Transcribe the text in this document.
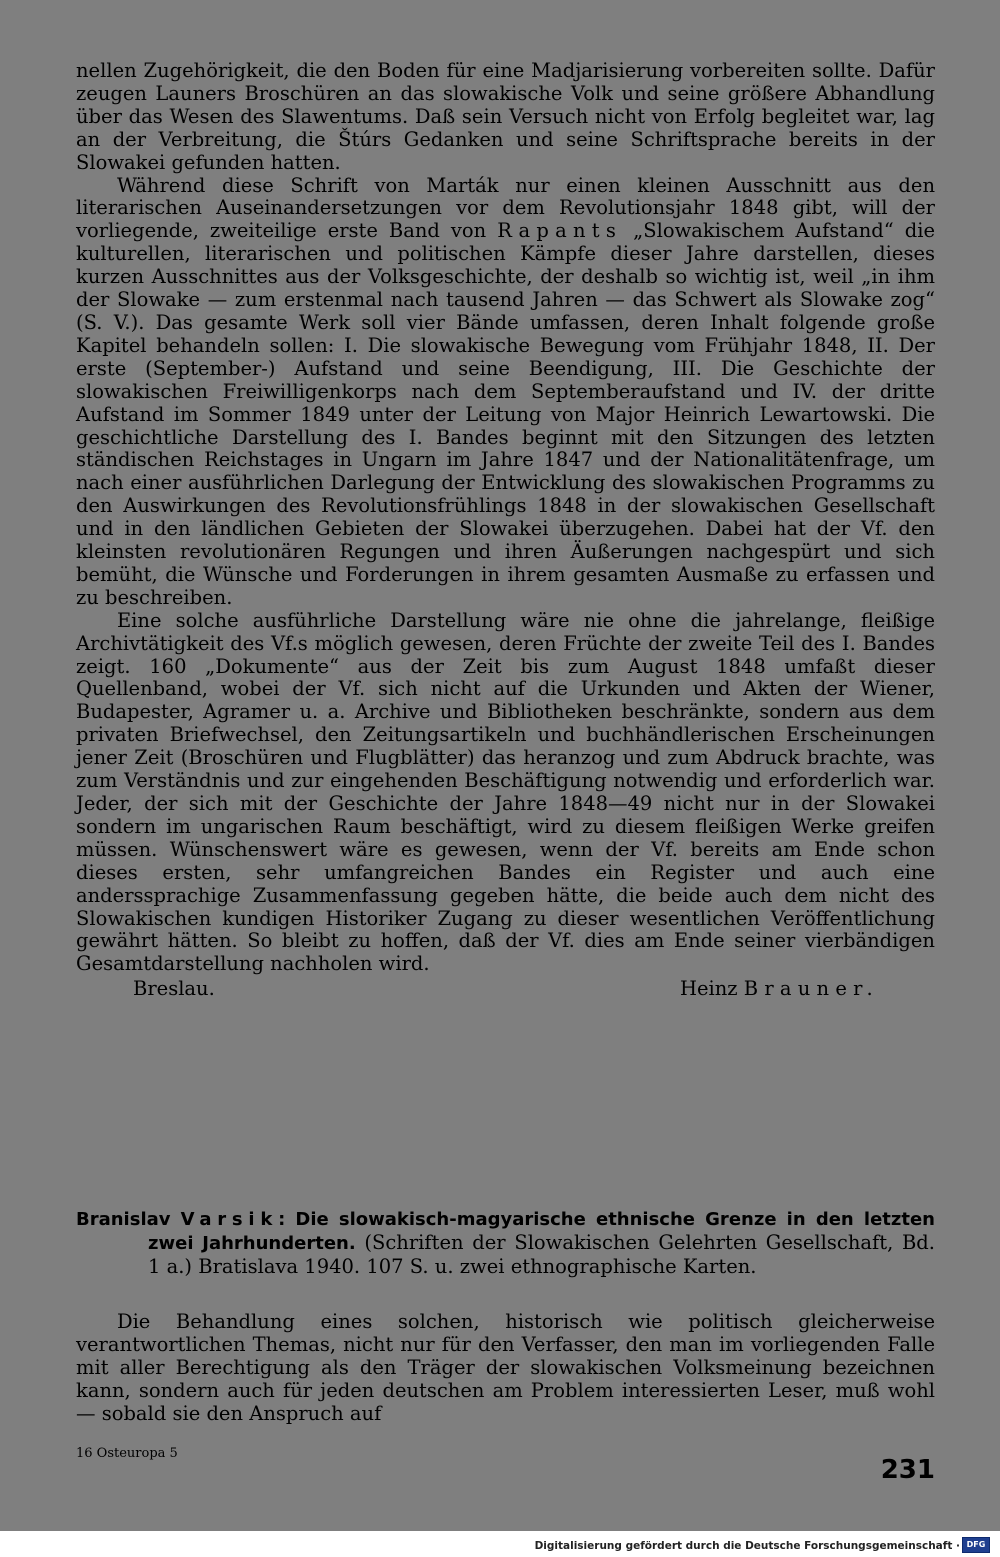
nellen Zugehörigkeit, die den Boden für eine Madjarisierung vorbereiten sollte. Dafür zeugen Launers Broschüren an das slowakische Volk und seine größere Abhandlung über das Wesen des Slawentums. Daß sein Versuch nicht von Erfolg begleitet war, lag an der Verbreitung, die Štúrs Gedanken und seine Schriftsprache bereits in der Slowakei gefunden hatten.

Während diese Schrift von Marták nur einen kleinen Ausschnitt aus den literarischen Auseinandersetzungen vor dem Revolutionsjahr 1848 gibt, will der vorliegende, zweiteilige erste Band von Rapants „Slowakischem Aufstand“ die kulturellen, literarischen und politischen Kämpfe dieser Jahre darstellen, dieses kurzen Ausschnittes aus der Volksgeschichte, der deshalb so wichtig ist, weil „in ihm der Slowake — zum erstenmal nach tausend Jahren — das Schwert als Slowake zog“ (S. V.). Das gesamte Werk soll vier Bände umfassen, deren Inhalt folgende große Kapitel behandeln sollen: I. Die slowakische Bewegung vom Frühjahr 1848, II. Der erste (September-) Aufstand und seine Beendigung, III. Die Geschichte der slowakischen Freiwilligenkorps nach dem Septemberaufstand und IV. der dritte Aufstand im Sommer 1849 unter der Leitung von Major Heinrich Lewartowski. Die geschichtliche Darstellung des I. Bandes beginnt mit den Sitzungen des letzten ständischen Reichstages in Ungarn im Jahre 1847 und der Nationalitätenfrage, um nach einer ausführlichen Darlegung der Entwicklung des slowakischen Programms zu den Auswirkungen des Revolutionsfrühlings 1848 in der slowakischen Gesellschaft und in den ländlichen Gebieten der Slowakei überzugehen. Dabei hat der Vf. den kleinsten revolutionären Regungen und ihren Äußerungen nachgespürt und sich bemüht, die Wünsche und Forderungen in ihrem gesamten Ausmaße zu erfassen und zu beschreiben.

Eine solche ausführliche Darstellung wäre nie ohne die jahrelange, fleißige Archivtätigkeit des Vf.s möglich gewesen, deren Früchte der zweite Teil des I. Bandes zeigt. 160 „Dokumente“ aus der Zeit bis zum August 1848 umfaßt dieser Quellenband, wobei der Vf. sich nicht auf die Urkunden und Akten der Wiener, Budapester, Agramer u. a. Archive und Bibliotheken beschränkte, sondern aus dem privaten Briefwechsel, den Zeitungsartikeln und buchhändlerischen Erscheinungen jener Zeit (Broschüren und Flugblätter) das heranzog und zum Abdruck brachte, was zum Verständnis und zur eingehenden Beschäftigung notwendig und erforderlich war. Jeder, der sich mit der Geschichte der Jahre 1848—49 nicht nur in der Slowakei sondern im ungarischen Raum beschäftigt, wird zu diesem fleißigen Werke greifen müssen. Wünschenswert wäre es gewesen, wenn der Vf. bereits am Ende schon dieses ersten, sehr umfangreichen Bandes ein Register und auch eine anderssprachige Zusammenfassung gegeben hätte, die beide auch dem nicht des Slowakischen kundigen Historiker Zugang zu dieser wesentlichen Veröffentlichung gewährt hätten. So bleibt zu hoffen, daß der Vf. dies am Ende seiner vierbändigen Gesamtdarstellung nachholen wird.

Breslau.	Heinz Brauner.
Branislav Varsik: Die slowakisch-magyarische ethnische Grenze in den letzten zwei Jahrhunderten. (Schriften der Slowakischen Gelehrten Gesellschaft, Bd. 1 a.) Bratislava 1940. 107 S. u. zwei ethnographische Karten.

Die Behandlung eines solchen, historisch wie politisch gleicherweise verantwortlichen Themas, nicht nur für den Verfasser, den man im vorliegenden Falle mit aller Berechtigung als den Träger der slowakischen Volksmeinung bezeichnen kann, sondern auch für jeden deutschen am Problem interessierten Leser, muß wohl — sobald sie den Anspruch auf

16 Osteuropa 5
231
Digitalisierung gefördert durch die Deutsche Forschungsgemeinschaft · DFG
